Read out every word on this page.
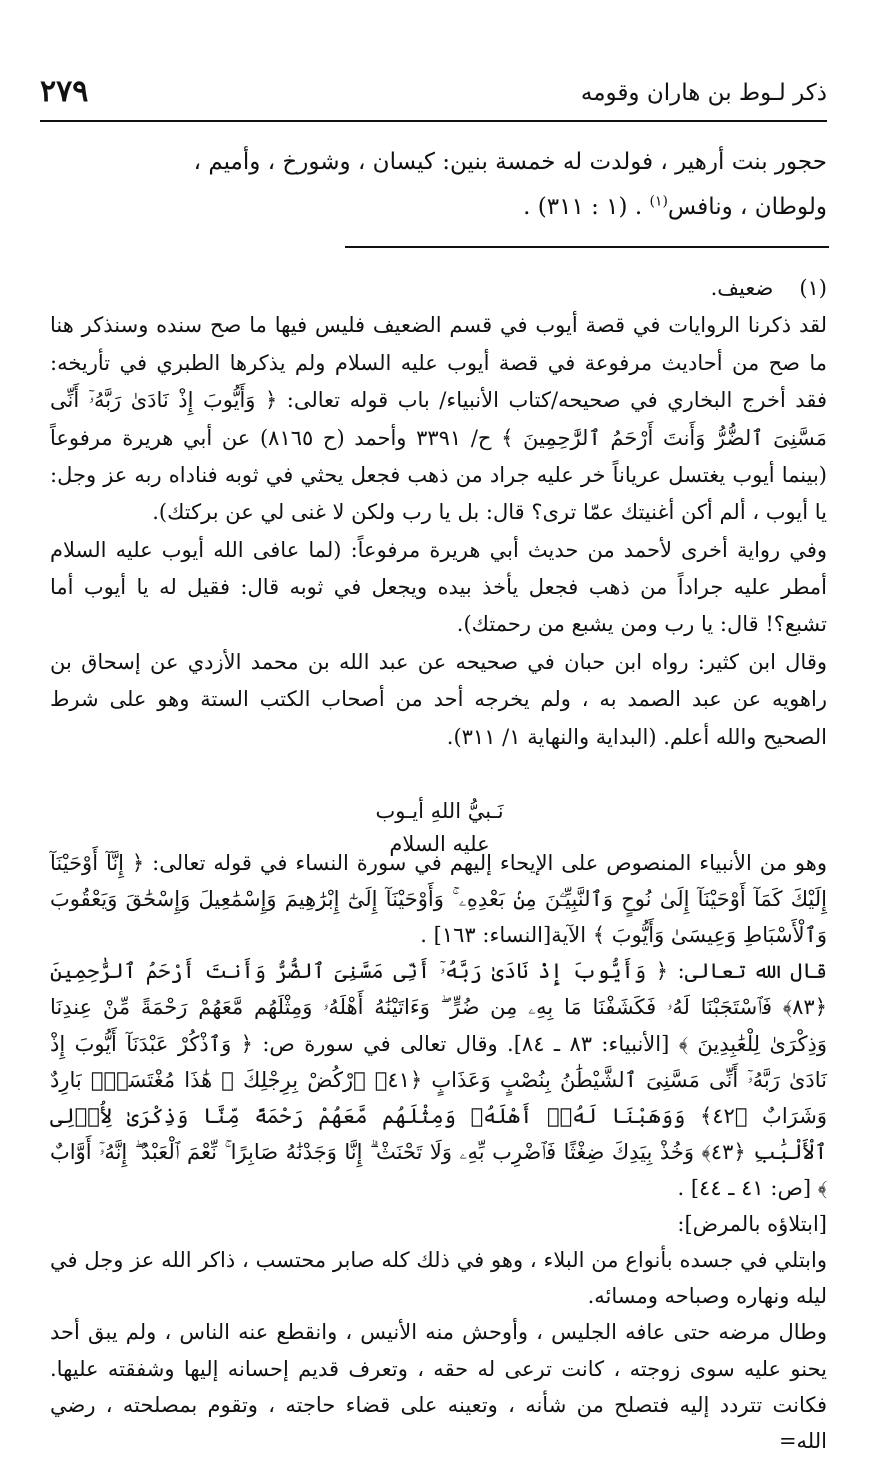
ذكر لـوط بن هاران وقومه
٢٧٩

حجور بنت أرهير ، فولدت له خمسة بنين: كيسان ، وشورخ ، وأميم ،

ولوطان ، ونافس$^{(١)}$ . (١ : ٣١١) .

(١)ضعيف.

لقد ذكرنا الروايات في قصة أيوب في قسم الضعيف فليس فيها ما صح سنده وسنذكر هنا ما صح من أحاديث مرفوعة في قصة أيوب عليه السلام ولم يذكرها الطبري في تأريخه: فقد أخرج البخاري في صحيحه/كتاب الأنبياء/ باب قوله تعالى: ﴿ وَأَيُّوبَ إِذْ نَادَىٰ رَبَّهُۥٓ أَنِّى مَسَّنِىَ ٱلضُّرُّ وَأَنتَ أَرْحَمُ ٱلرَّٰحِمِينَ ﴾ ح/ ٣٣٩١ وأحمد (ح ٨١٦٥) عن أبي هريرة مرفوعاً (بينما أيوب يغتسل عرياناً خر عليه جراد من ذهب فجعل يحثي في ثوبه فناداه ربه عز وجل: يا أيوب ، ألم أكن أغنيتك عمّا ترى؟ قال: بل يا رب ولكن لا غنى لي عن بركتك).

وفي رواية أخرى لأحمد من حديث أبي هريرة مرفوعاً: (لما عافى الله أيوب عليه السلام أمطر عليه جراداً من ذهب فجعل يأخذ بيده ويجعل في ثوبه قال: فقيل له يا أيوب أما تشبع؟! قال: يا رب ومن يشبع من رحمتك).

وقال ابن كثير: رواه ابن حبان في صحيحه عن عبد الله بن محمد الأزدي عن إسحاق بن راهويه عن عبد الصمد به ، ولم يخرجه أحد من أصحاب الكتب الستة وهو على شرط الصحيح والله أعلم. (البداية والنهاية ١/ ٣١١).

نَـبيُّ اللهِ أيـوب
عليه السلام

وهو من الأنبياء المنصوص على الإيحاء إليهم في سورة النساء في قوله تعالى: ﴿ إِنَّآ أَوْحَيْنَآ إِلَيْكَ كَمَآ أَوْحَيْنَآ إِلَىٰ نُوحٍ وَٱلنَّبِيِّـۧنَ مِنۢ بَعْدِهِۦ ۚ وَأَوْحَيْنَآ إِلَىٰٓ إِبْرَٰهِيمَ وَإِسْمَٰعِيلَ وَإِسْحَٰقَ وَيَعْقُوبَ وَٱلْأَسْبَاطِ وَعِيسَىٰ وَأَيُّوبَ ﴾ الآية[النساء: ١٦٣] .

قال الله تعالى: ﴿ وَأَيُّوبَ إِذْ نَادَىٰ رَبَّهُۥٓ أَنِّى مَسَّنِىَ ٱلضُّرُّ وَأَنتَ أَرْحَمُ ٱلرَّٰحِمِينَ ﴿٨٣﴾ فَٱسْتَجَبْنَا لَهُۥ فَكَشَفْنَا مَا بِهِۦ مِن ضُرٍّ ۖ وَءَاتَيْنَٰهُ أَهْلَهُۥ وَمِثْلَهُم مَّعَهُمْ رَحْمَةً مِّنْ عِندِنَا وَذِكْرَىٰ لِلْعَٰبِدِينَ ﴾ [الأنبياء: ٨٣ ـ ٨٤]. وقال تعالى في سورة ص: ﴿ وَٱذْكُرْ عَبْدَنَآ أَيُّوبَ إِذْ نَادَىٰ رَبَّهُۥٓ أَنِّى مَسَّنِىَ ٱلشَّيْطَٰنُ بِنُصْبٍ وَعَذَابٍ ﴿٤١﴾ ٱرْكُضْ بِرِجْلِكَ ۖ هَٰذَا مُغْتَسَلٌۢ بَارِدٌ وَشَرَابٌ ﴿٤٢﴾ وَوَهَبْنَا لَهُۥٓ أَهْلَهُۥ وَمِثْلَهُم مَّعَهُمْ رَحْمَةً مِّنَّا وَذِكْرَىٰ لِأُو۟لِى ٱلْأَلْبَٰبِ ﴿٤٣﴾ وَخُذْ بِيَدِكَ ضِغْثًا فَٱضْرِب بِّهِۦ وَلَا تَحْنَثْ ۗ إِنَّا وَجَدْنَٰهُ صَابِرًا ۚ نِّعْمَ ٱلْعَبْدُ ۖ إِنَّهُۥٓ أَوَّابٌ ﴾ [ص: ٤١ ـ ٤٤] .

[ابتلاؤه بالمرض]:

وابتلي في جسده بأنواع من البلاء ، وهو في ذلك كله صابر محتسب ، ذاكر الله عز وجل في ليله ونهاره وصباحه ومسائه.

وطال مرضه حتى عافه الجليس ، وأوحش منه الأنيس ، وانقطع عنه الناس ، ولم يبق أحد يحنو عليه سوى زوجته ، كانت ترعى له حقه ، وتعرف قديم إحسانه إليها وشفقته عليها. فكانت تتردد إليه فتصلح من شأنه ، وتعينه على قضاء حاجته ، وتقوم بمصلحته ، رضي الله=
